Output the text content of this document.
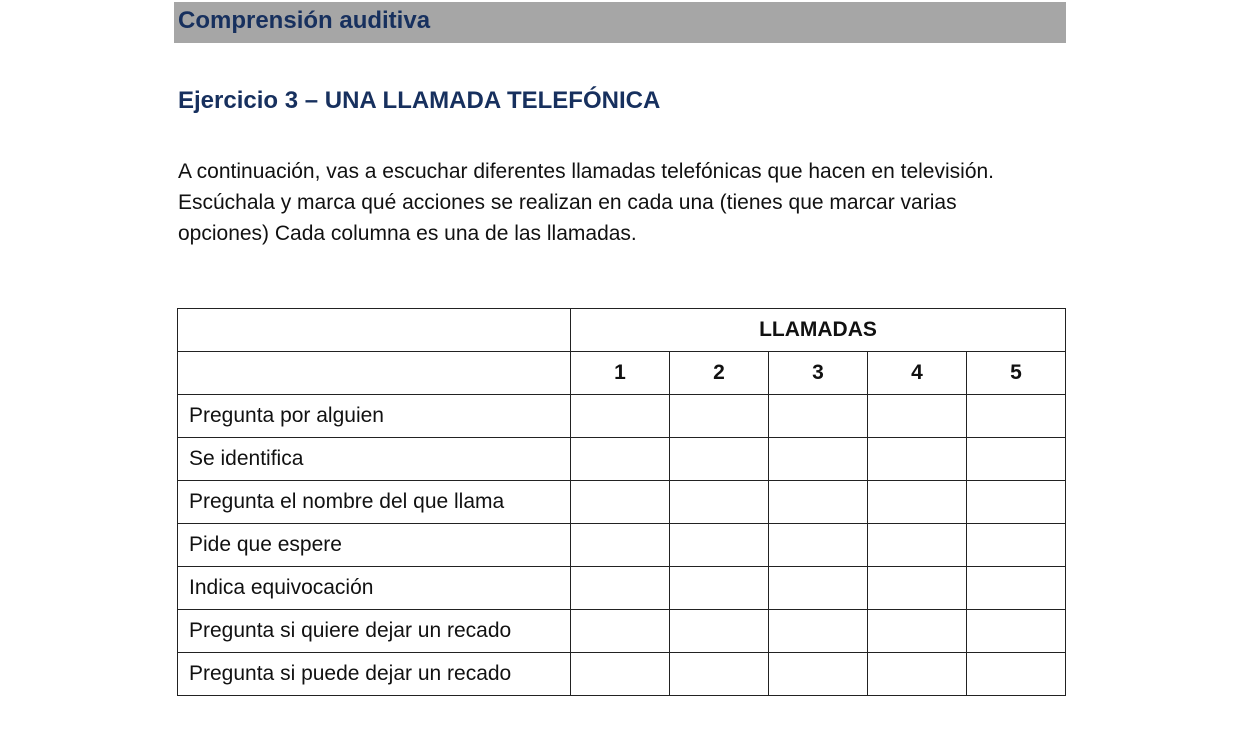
Comprensión auditiva
Ejercicio 3 – UNA LLAMADA TELEFÓNICA

A continuación, vas a escuchar diferentes llamadas telefónicas que hacen en televisión.

Escúchala y marca qué acciones se realizan en cada una (tienes que marcar varias

opciones) Cada columna es una de las llamadas.

	LLAMADAS				
	1	2	3	4	5
Pregunta por alguien					
Se identifica					
Pregunta el nombre del que llama					
Pide que espere					
Indica equivocación					
Pregunta si quiere dejar un recado					
Pregunta si puede dejar un recado					
